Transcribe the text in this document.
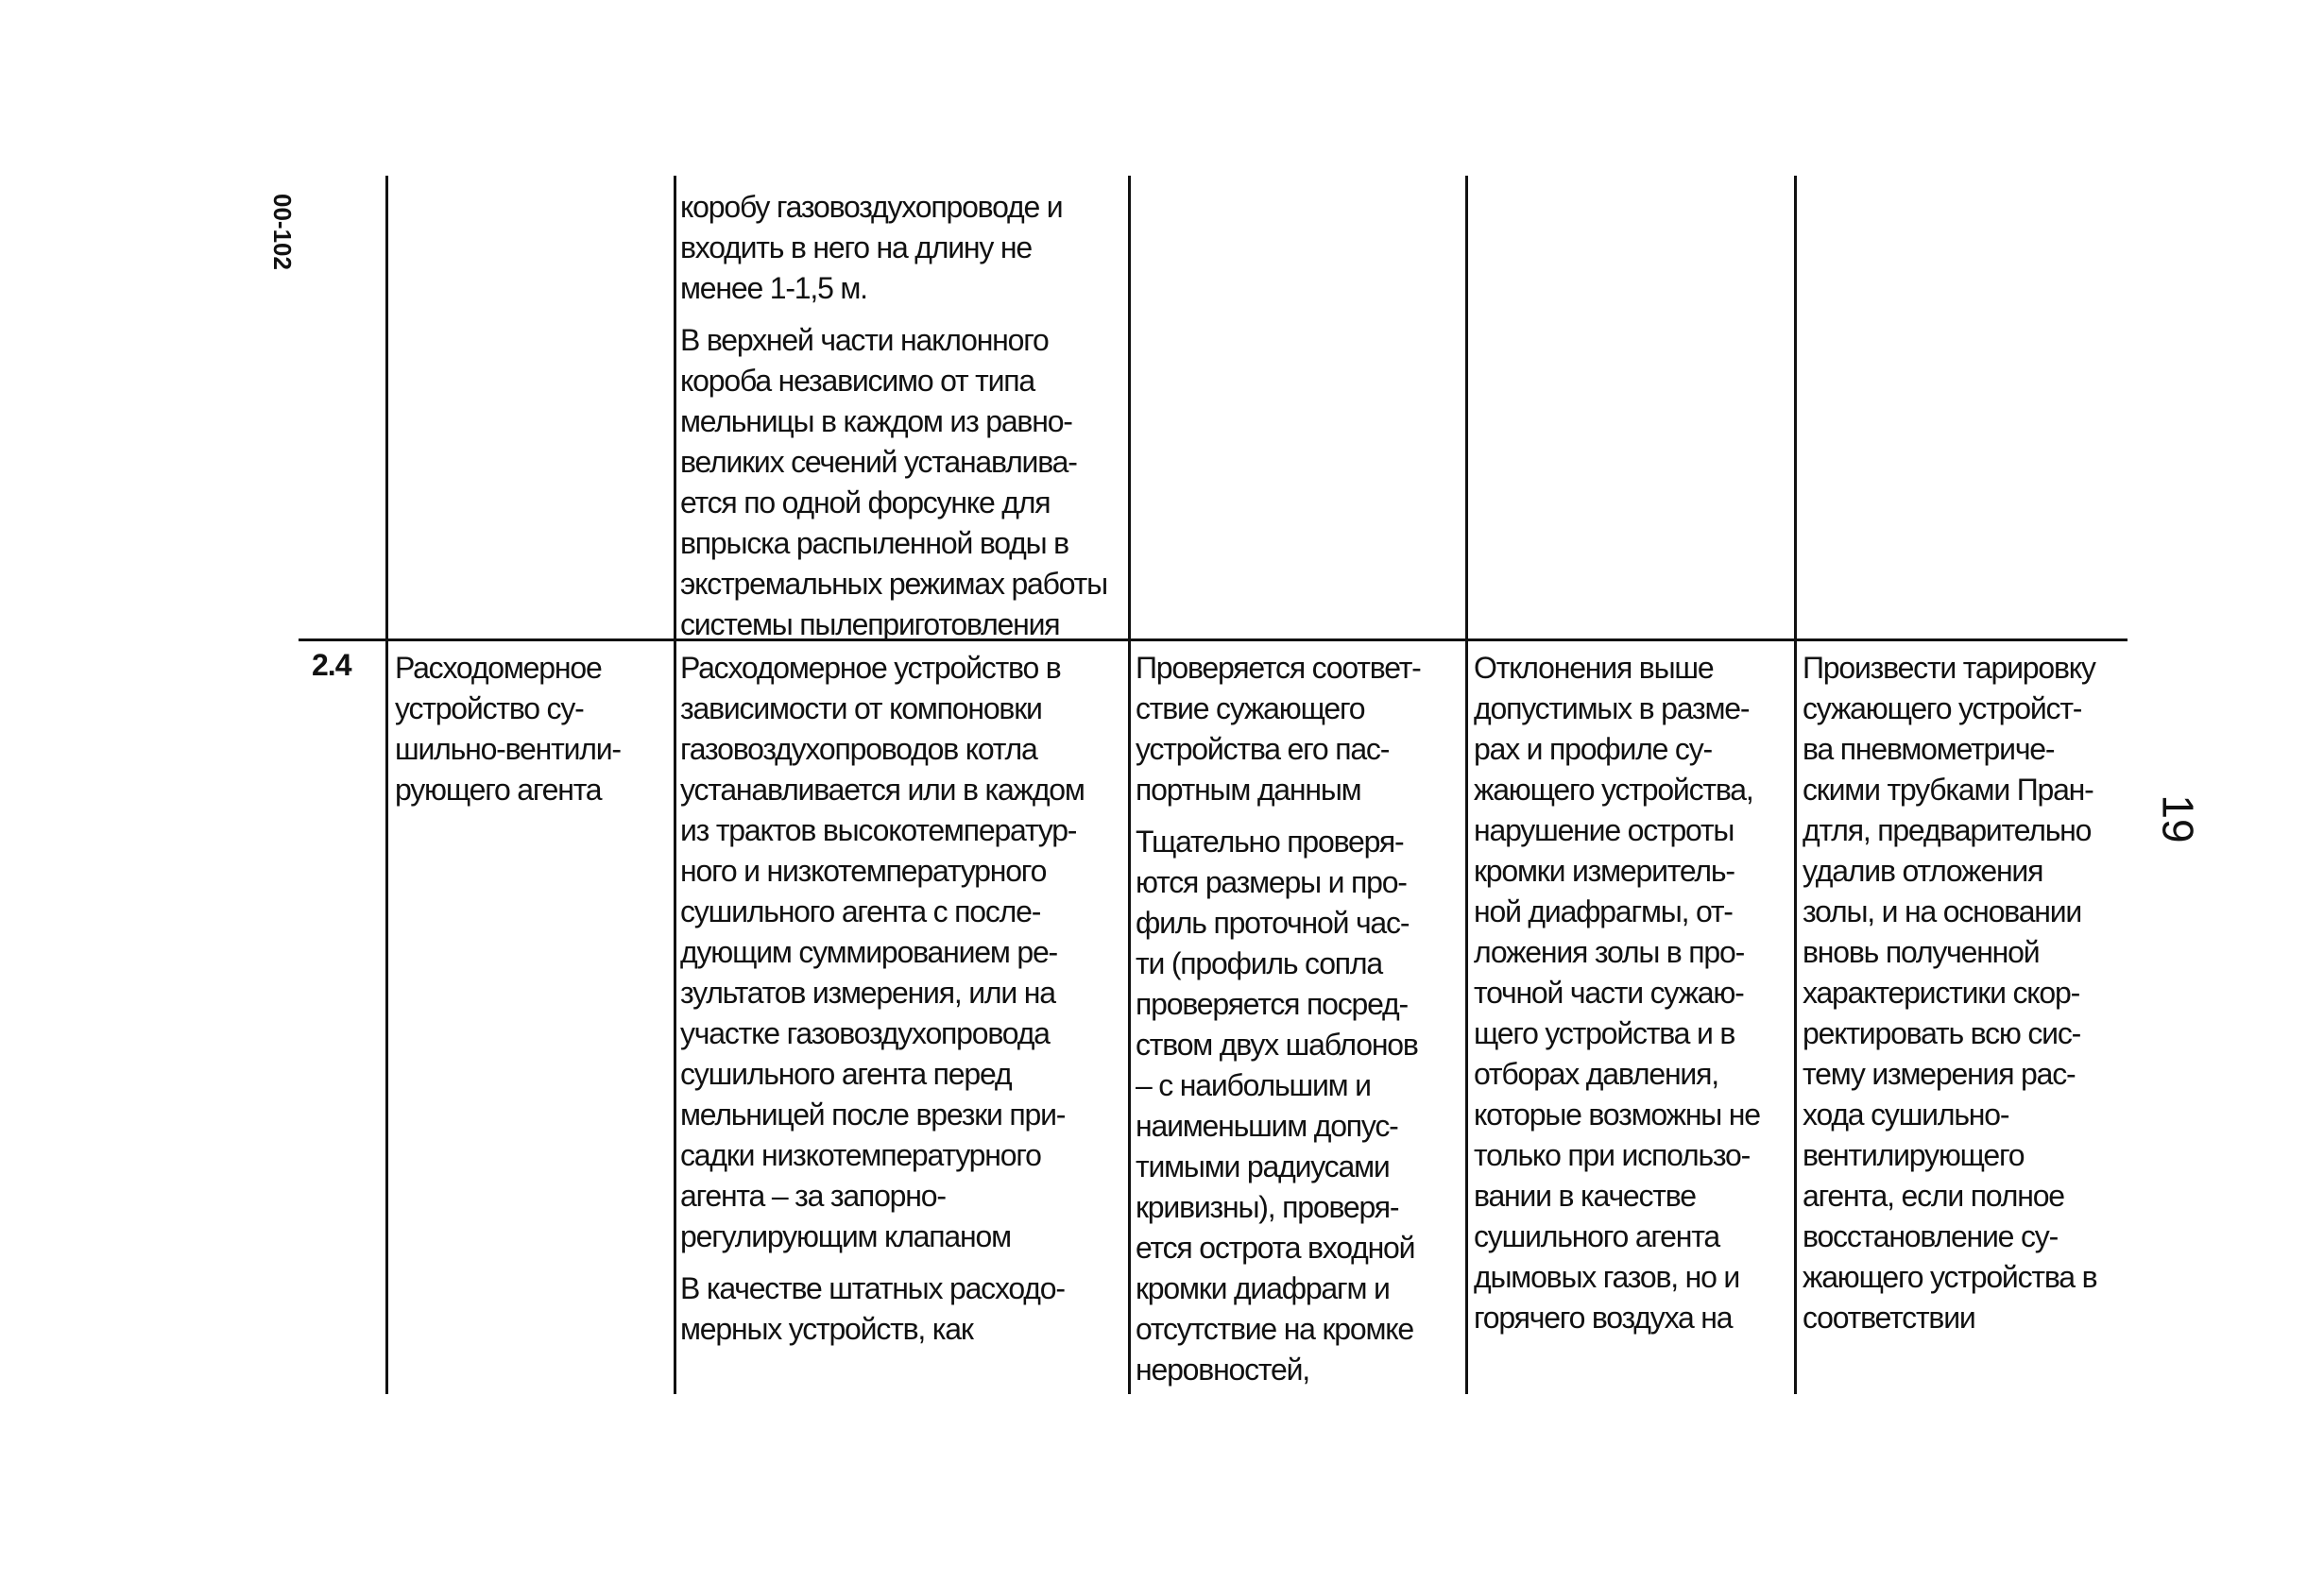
00-102
19
коробу газовоздухопроводе и
входить в него на длину не
менее 1-1,5 м.
В верхней части наклонного
короба независимо от типа
мельницы в каждом из равно-
великих сечений устанавлива-
ется по одной форсунке для
впрыска распыленной воды в
экстремальных режимах работы
системы пылеприготовления
2.4 Расходомерное
устройство су-
шильно-вентили-
рующего агента
Расходомерное устройство в
зависимости от компоновки
газовоздухопроводов котла
устанавливается или в каждом
из трактов высокотемператур-
ного и низкотемпературного
сушильного агента с после-
дующим суммированием ре-
зультатов измерения, или на
участке газовоздухопровода
сушильного агента перед
мельницей после врезки при-
садки низкотемпературного
агента – за запорно-
регулирующим клапаном
В качестве штатных расходо-
мерных устройств, как
Проверяется соответ-
ствие сужающего
устройства его пас-
портным данным
Тщательно проверя-
ются размеры и про-
филь проточной час-
ти (профиль сопла
проверяется посред-
ством двух шаблонов
– с наибольшим и
наименьшим допус-
тимыми радиусами
кривизны), проверя-
ется острота входной
кромки диафрагм и
отсутствие на кромке
неровностей,
Отклонения выше
допустимых в разме-
рах и профиле су-
жающего устройства,
нарушение остроты
кромки измеритель-
ной диафрагмы, от-
ложения золы в про-
точной части сужаю-
щего устройства и в
отборах давления,
которые возможны не
только при использо-
вании в качестве
сушильного агента
дымовых газов, но и
горячего воздуха на
Произвести тарировку
сужающего устройст-
ва пневмометриче-
скими трубками Пран-
дтля, предварительно
удалив отложения
золы, и на основании
вновь полученной
характеристики скор-
ректировать всю сис-
тему измерения рас-
хода сушильно-
вентилирующего
агента, если полное
восстановление су-
жающего устройства в
соответствии
